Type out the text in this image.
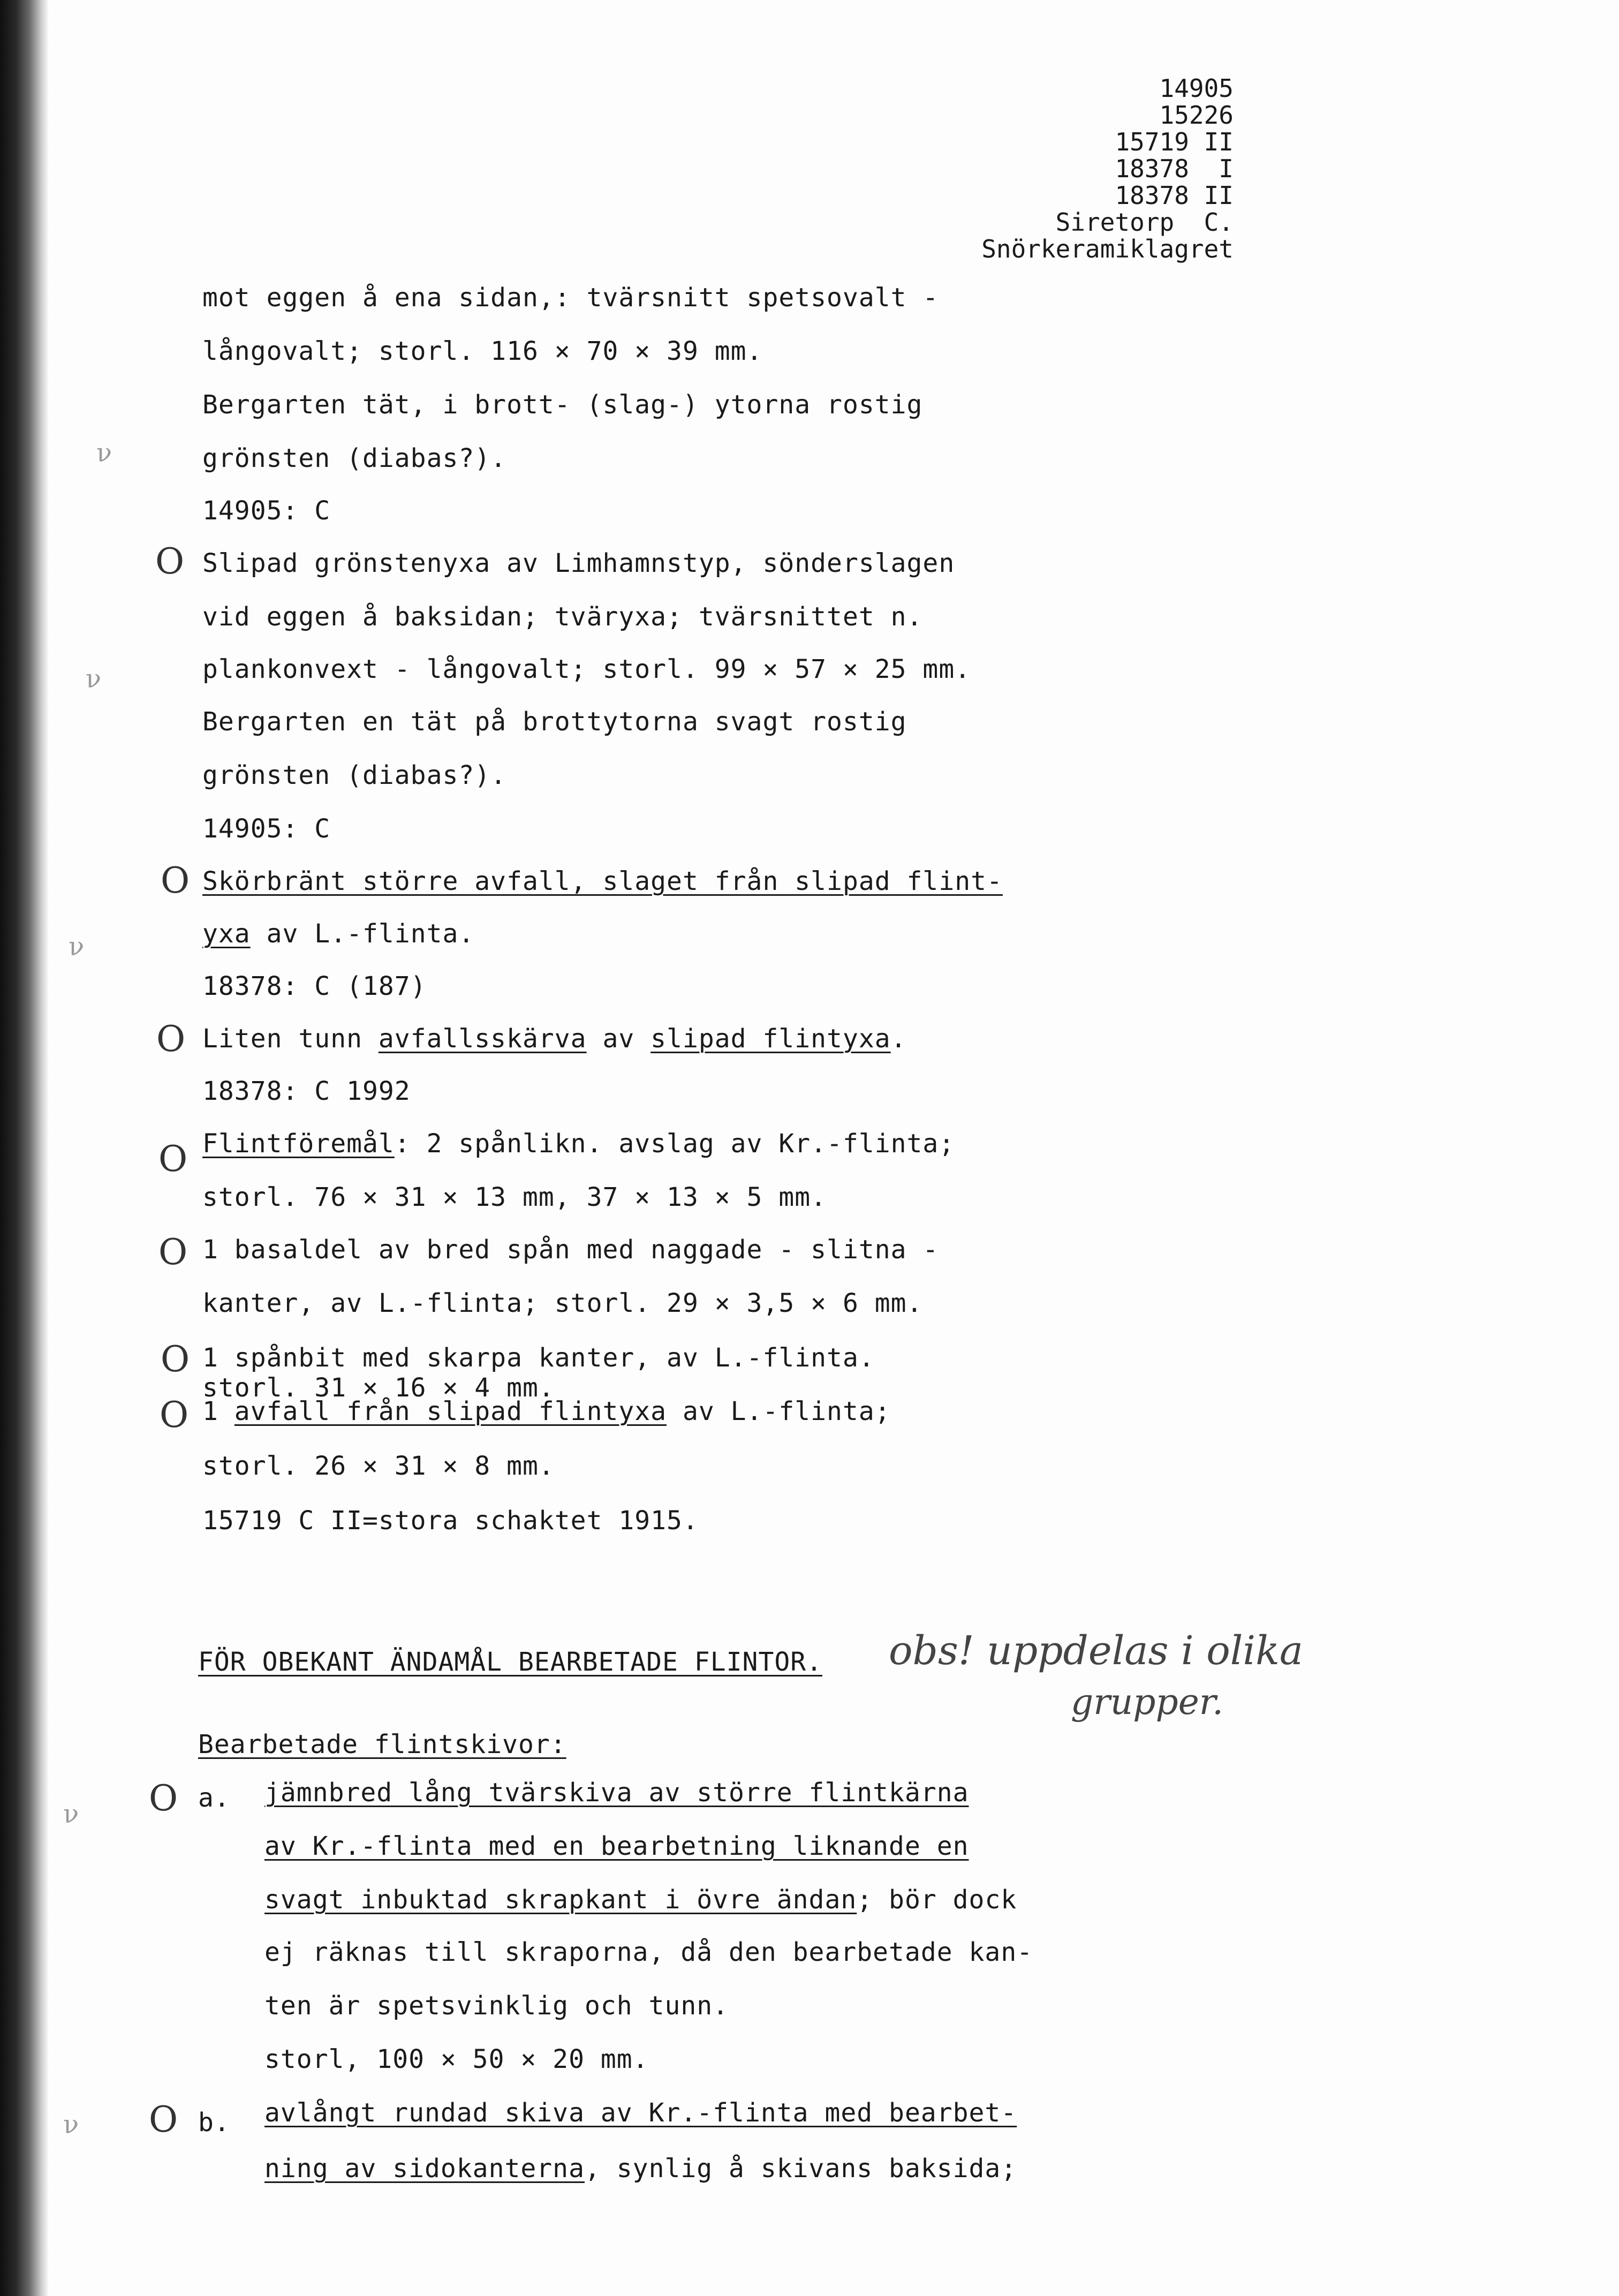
14905
15226
15719 II
18378  I
18378 II
Siretorp  C.
Snörkeramiklagret
mot eggen å ena sidan,: tvärsnitt spetsovalt -
långovalt; storl. 116 × 70 × 39 mm.
Bergarten tät, i brott- (slag-) ytorna rostig
grönsten (diabas?).
14905: C
Slipad grönstenyxa av Limhamnstyp, sönderslagen
vid eggen å baksidan; tväryxa; tvärsnittet n.
plankonvext - långovalt; storl. 99 × 57 × 25 mm.
Bergarten en tät på brottytorna svagt rostig
grönsten (diabas?).
14905: C
Skörbränt större avfall, slaget från slipad flint-
yxa av L.-flinta.
18378: C (187)
Liten tunn avfallsskärva av slipad flintyxa.
18378: C 1992
Flintföremål: 2 spånlikn. avslag av Kr.-flinta;
storl. 76 × 31 × 13 mm, 37 × 13 × 5 mm.
1 basaldel av bred spån med naggade - slitna -
kanter, av L.-flinta; storl. 29 × 3,5 × 6 mm.
1 spånbit med skarpa kanter, av L.-flinta.
storl. 31 × 16 × 4 mm.
1 avfall från slipad flintyxa av L.-flinta;
storl. 26 × 31 × 8 mm.
15719 C II=stora schaktet 1915.
FÖR OBEKANT ÄNDAMÅL BEARBETADE FLINTOR.
Bearbetade flintskivor:
a. jämnbred lång tvärskiva av större flintkärna
av Kr.-flinta med en bearbetning liknande en
svagt inbuktad skrapkant i övre ändan; bör dock
ej räknas till skraporna, då den bearbetade kan-
ten är spetsvinklig och tunn.
storl, 100 × 50 × 20 mm.
b. avlångt rundad skiva av Kr.-flinta med bearbet-
ning av sidokanterna, synlig å skivans baksida;
obs! uppdelas i olika
grupper.
O
O
O
O
O
O
O
O
O
ν
ν
ν
ν
ν
